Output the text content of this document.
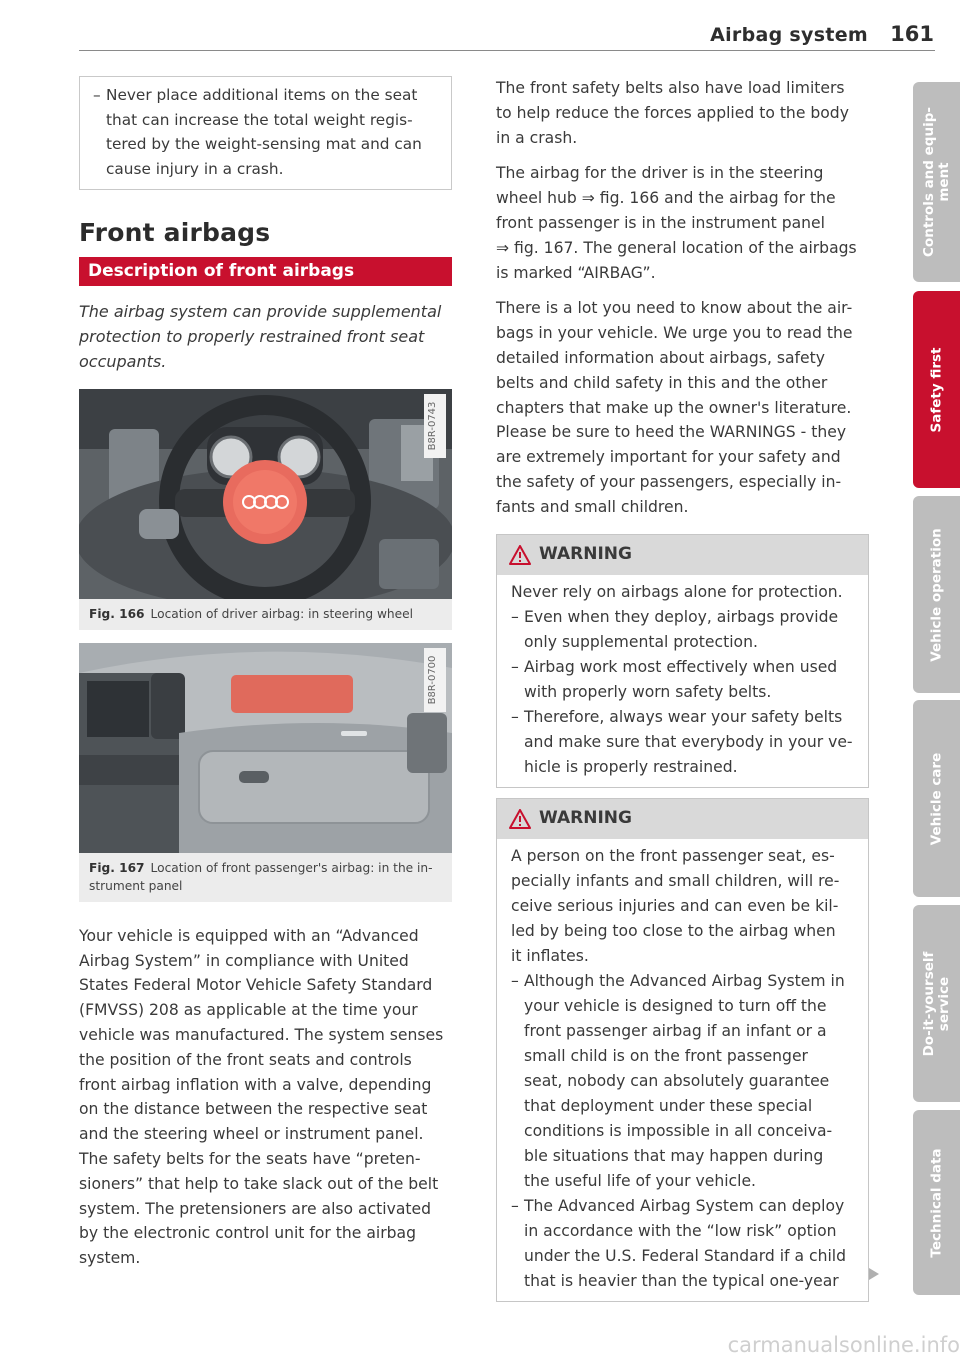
Airbag system 161
– Never place additional items on the seat
that can increase the total weight regis-
tered by the weight-sensing mat and can
cause injury in a crash.
Front airbags
Description of front airbags
The airbag system can provide supplemental
protection to properly restrained front seat
occupants.
B8R-0743
Fig. 166 Location of driver airbag: in steering wheel
B8R-0700
Fig. 167 Location of front passenger's airbag: in the in-
strument panel
Your vehicle is equipped with an “Advanced
Airbag System” in compliance with United
States Federal Motor Vehicle Safety Standard
(FMVSS) 208 as applicable at the time your
vehicle was manufactured. The system senses
the position of the front seats and controls
front airbag inflation with a valve, depending
on the distance between the respective seat
and the steering wheel or instrument panel.
The safety belts for the seats have “preten-
sioners” that help to take slack out of the belt
system. The pretensioners are also activated
by the electronic control unit for the airbag
system.

The front safety belts also have load limiters
to help reduce the forces applied to the body
in a crash.

The airbag for the driver is in the steering
wheel hub ⇒ fig. 166 and the airbag for the
front passenger is in the instrument panel
⇒ fig. 167. The general location of the airbags
is marked “AIRBAG”.

There is a lot you need to know about the air-
bags in your vehicle. We urge you to read the
detailed information about airbags, safety
belts and child safety in this and the other
chapters that make up the owner's literature.
Please be sure to heed the WARNINGS - they
are extremely important for your safety and
the safety of your passengers, especially in-
fants and small children.

WARNING
Never rely on airbags alone for protection.
– Even when they deploy, airbags provide
only supplemental protection.
– Airbag work most effectively when used
with properly worn safety belts.
– Therefore, always wear your safety belts
and make sure that everybody in your ve-
hicle is properly restrained.
WARNING
A person on the front passenger seat, es-
pecially infants and small children, will re-
ceive serious injuries and can even be kil-
led by being too close to the airbag when
it inflates.
– Although the Advanced Airbag System in
your vehicle is designed to turn off the
front passenger airbag if an infant or a
small child is on the front passenger
seat, nobody can absolutely guarantee
that deployment under these special
conditions is impossible in all conceiva-
ble situations that may happen during
the useful life of your vehicle.
– The Advanced Airbag System can deploy
in accordance with the “low risk” option
under the U.S. Federal Standard if a child
that is heavier than the typical one-year
Controls and equip- ment
Safety first
Vehicle operation
Vehicle care
Do-it-yourself service
Technical data
carmanualsonline.info
